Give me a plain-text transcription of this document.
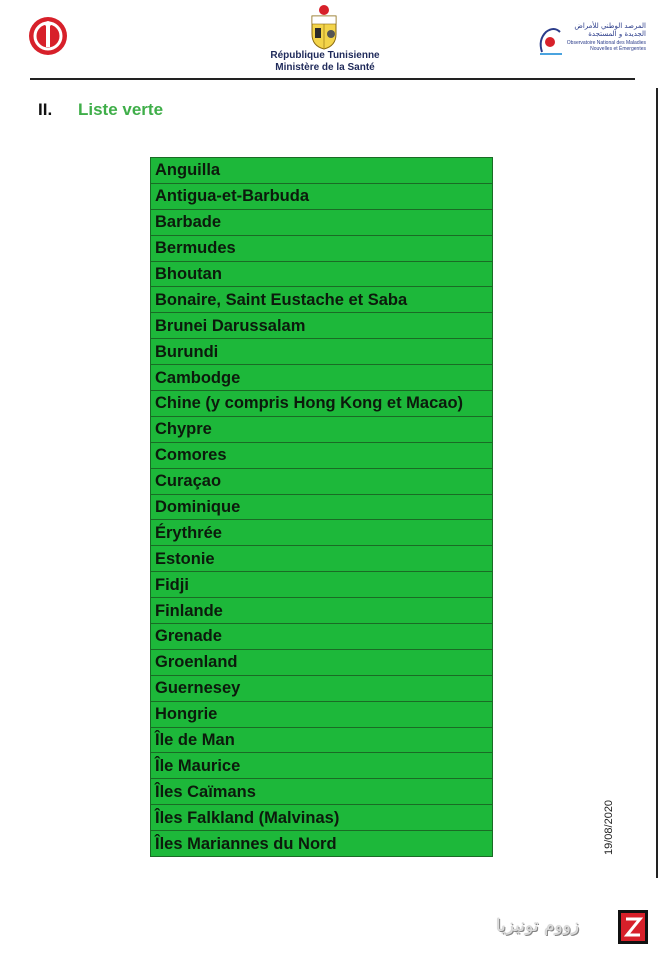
République Tunisienne
Ministère de la Santé
المرصد الوطني للأمراض الجديدة و المستجدة
Observatoire National des Maladies Nouvelles et Émergentes
II. Liste verte
Anguilla
Antigua-et-Barbuda
Barbade
Bermudes
Bhoutan
Bonaire, Saint Eustache et Saba
Brunei Darussalam
Burundi
Cambodge
Chine (y compris Hong Kong et Macao)
Chypre
Comores
Curaçao
Dominique
Érythrée
Estonie
Fidji
Finlande
Grenade
Groenland
Guernesey
Hongrie
Île de Man
Île Maurice
Îles Caïmans
Îles Falkland (Malvinas)
Îles Mariannes du Nord	19/08/2020
زووم تونيزيا
